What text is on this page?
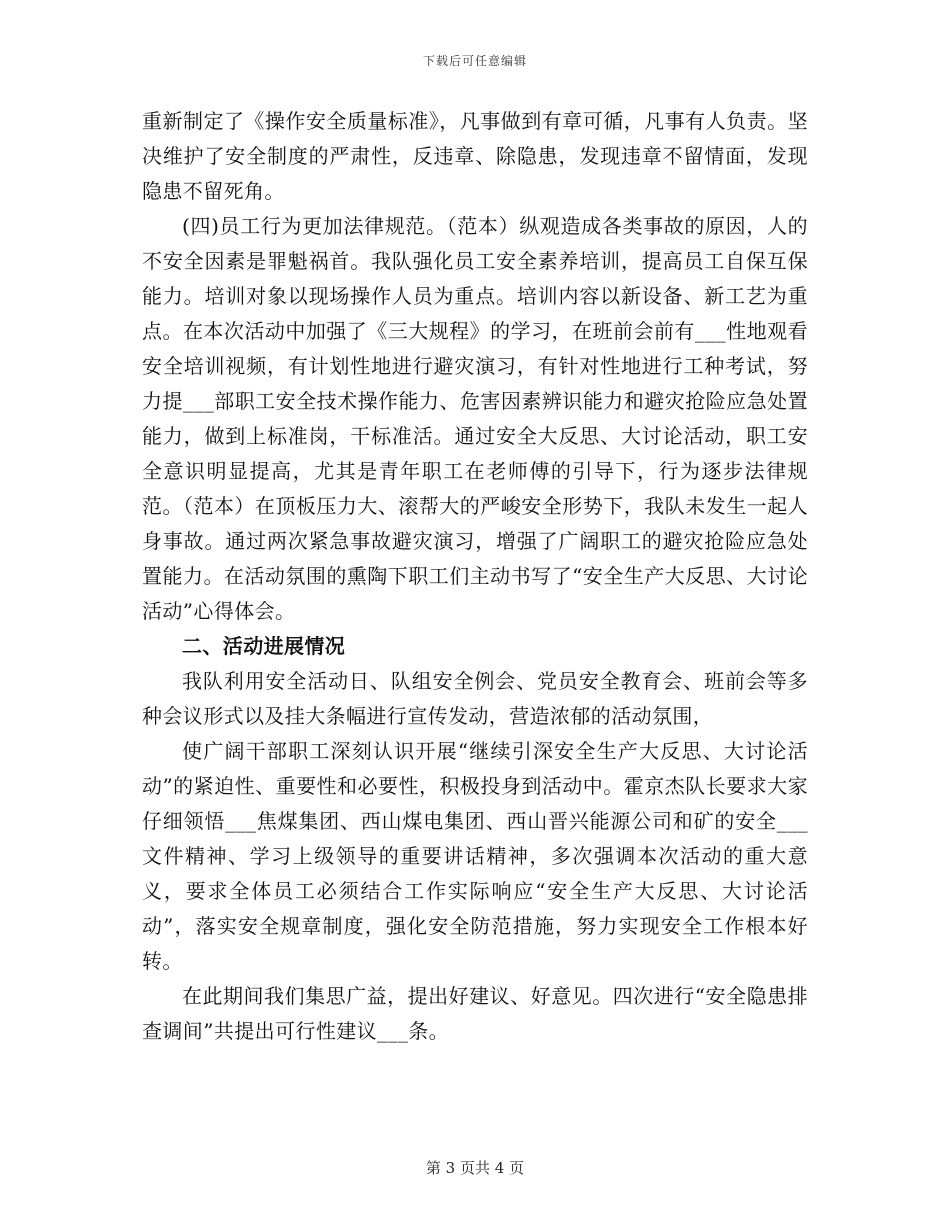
下载后可任意编辑

重新制定了《操作安全质量标准》，凡事做到有章可循，凡事有人负责。坚决维护了安全制度的严肃性，反违章、除隐患，发现违章不留情面，发现隐患不留死角。

(四)员工行为更加法律规范。（范本）纵观造成各类事故的原因，人的不安全因素是罪魁祸首。我队强化员工安全素养培训，提高员工自保互保能力。培训对象以现场操作人员为重点。培训内容以新设备、新工艺为重点。在本次活动中加强了《三大规程》的学习，在班前会前有___性地观看安全培训视频，有计划性地进行避灾演习，有针对性地进行工种考试，努力提___部职工安全技术操作能力、危害因素辨识能力和避灾抢险应急处置能力，做到上标准岗，干标准活。通过安全大反思、大讨论活动，职工安全意识明显提高，尤其是青年职工在老师傅的引导下，行为逐步法律规范。（范本）在顶板压力大、滚帮大的严峻安全形势下，我队未发生一起人身事故。通过两次紧急事故避灾演习，增强了广阔职工的避灾抢险应急处置能力。在活动氛围的熏陶下职工们主动书写了“安全生产大反思、大讨论活动”心得体会。

二、活动进展情况

我队利用安全活动日、队组安全例会、党员安全教育会、班前会等多种会议形式以及挂大条幅进行宣传发动，营造浓郁的活动氛围，

使广阔干部职工深刻认识开展“继续引深安全生产大反思、大讨论活动”的紧迫性、重要性和必要性，积极投身到活动中。霍京杰队长要求大家仔细领悟___焦煤集团、西山煤电集团、西山晋兴能源公司和矿的安全___文件精神、学习上级领导的重要讲话精神，多次强调本次活动的重大意义，要求全体员工必须结合工作实际响应“安全生产大反思、大讨论活动”，落实安全规章制度，强化安全防范措施，努力实现安全工作根本好转。

在此期间我们集思广益，提出好建议、好意见。四次进行“安全隐患排查调间”共提出可行性建议___条。

第 3 页共 4 页
